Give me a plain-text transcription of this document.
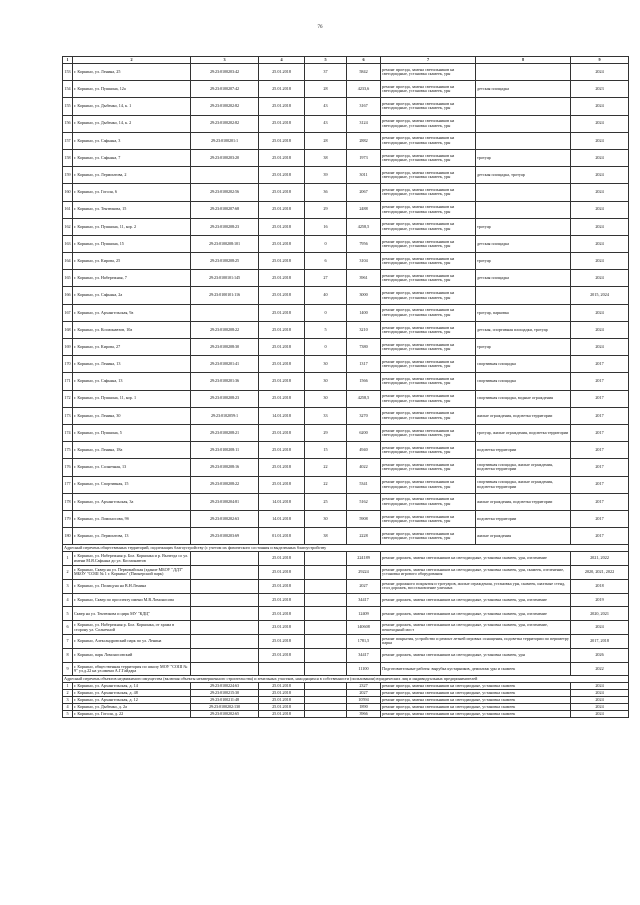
76
1	2	3	4	5	6	7	8	9
153	г. Коркино, ул. Ленина, 25	29:23:0100203:42	25.01.2018	37	5842	ремонт проезда, замена светильников на светодиодные, установка скамеек, урн		2024
154	г. Коркино, ул. Пушкина, 12а	29:23:0100207:42	25.01.2018	28	4233,6	ремонт проезда, замена светильников на светодиодные, установка скамеек, урн	детская площадка	2023
155	г. Коркино, ул. Дыбенко, 14, к. 1	29:23:0100202:82	25.01.2018	43	3167	ремонт проезда, замена светильников на светодиодные, установка скамеек, урн		2024
156	г. Коркино, ул. Дыбенко, 14, к. 2	29:23:0100202:82	25.01.2018	43	3124	ремонт проезда, замена светильников на светодиодные, установка скамеек, урн		2024
157	г. Коркино, ул. Сафьяна, 3	29:23:0100201:1	25.01.2018	28	2882	ремонт проезда, замена светильников на светодиодные, установка скамеек, урн		2024
158	г. Коркино, ул. Сафьяна, 7	29:23:0100203:20	25.01.2018	38	1973	ремонт проезда, замена светильников на светодиодные, установка скамеек, урн	тротуар	2024
159	г. Коркино, ул. Лермонтова, 2		25.01.2018	39	3011	ремонт проезда, замена светильников на светодиодные, установка скамеек, урн	детская площадка, тротуар	2024
160	г. Коркино, ул. Гоголя, 6	29:23:0100202:56	25.01.2018	36	2067	ремонт проезда, замена светильников на светодиодные, установка скамеек, урн		2024
161	г. Коркино, ул. Тентюкова, 15	29:23:0100207:68	25.01.2018	29	2488	ремонт проезда, замена светильников на светодиодные, установка скамеек, урн		2024
162	г. Коркино, ул. Пушкина, 11, кор. 2	29:23:0100208:23	25.01.2018	16	4258,5	ремонт проезда, замена светильников на светодиодные, установка скамеек, урн	тротуар	2024
163	г. Коркино, ул. Пушкина, 15	29:23:0100208:101	25.01.2018	0	7956	ремонт проезда, замена светильников на светодиодные, установка скамеек, урн	детская площадка	2024
164	г. Коркино, ул. Кирова, 25	29:23:0100208:25	25.01.2018	6	3104	ремонт проезда, замена светильников на светодиодные, установка скамеек, урн	тротуар	2024
165	г. Коркино, ул. Набережная, 7	29:23:0100101:145	25.01.2018	27	3961	ремонт проезда, замена светильников на светодиодные, установка скамеек, урн	детская площадка	2024
166	г. Коркино, ул. Сафьяна, 2а	29:23:0100101:116	25.01.2018	40	3000	ремонт проезда, замена светильников на светодиодные, установка скамеек, урн		2015, 2024
167	г. Коркино, ул. Архангельская, 9а		25.01.2018	0	1400	ремонт проезда, замена светильников на светодиодные, установка скамеек, урн	тротуар, парковка	2024
168	г. Коркино, ул. Космонавтов, 10а	29:23:0100208:22	25.01.2018	5	3210	ремонт проезда, замена светильников на светодиодные, установка скамеек, урн	детская, спортивная площадки, тротуар	2024
169	г. Коркино, ул. Кирова, 27	29:23:0100208:30	25.01.2018	0	7380	ремонт проезда, замена светильников на светодиодные, установка скамеек, урн	тротуар	2024
170	г. Коркино, ул. Ленина, 13	29:23:0100201:41	25.01.2018	30	1317	ремонт проезда, замена светильников на светодиодные, установка скамеек, урн	спортивная площадка	2017
171	г. Коркино, ул. Сафьяна, 13	29:23:0100201:36	25.01.2018	30	1566	ремонт проезда, замена светильников на светодиодные, установка скамеек, урн	спортивная площадка	2017
172	г. Коркино, ул. Пушкина, 11, кор. 1	29:23:0100208:23	25.01.2018	30	4258,5	ремонт проезда, замена светильников на светодиодные, установка скамеек, урн	спортивная площадка, водные ограждения	2017
173	г. Коркино, ул. Ленина, 30	29:23:0102059:1	14.01.2018	33	3270	ремонт проезда, замена светильников на светодиодные, установка скамеек, урн	жилые ограждения, подсветка территории	2017
174	г. Коркино, ул. Пушкина, 5	29:23:0100208:21	25.01.2018	29	6200	ремонт проезда, замена светильников на светодиодные, установка скамеек, урн	тротуар, жилые ограждения, подсветка территории	2017
175	г. Коркино, ул. Ленина, 18а	29:23:0100208:11	25.01.2018	15	4940	ремонт проезда, замена светильников на светодиодные, установка скамеек, урн	подсветка территории	2017
176	г. Коркино, ул. Солнечная, 13	29:23:0100208:16	25.01.2018	22	4022	ремонт проезда, замена светильников на светодиодные, установка скамеек, урн	спортивная площадка, жилые ограждения, подсветка территории	2017
177	г. Коркино, ул. Спортивная, 15	29:23:0100208:22	25.01.2018	22	5341	ремонт проезда, замена светильников на светодиодные, установка скамеек, урн	спортивная площадка, жилые ограждения, подсветка территории	2017
178	г. Коркино, ул. Архангельская, 3а	29:23:0100204:81	14.01.2018	25	5162	ремонт проезда, замена светильников на светодиодные, установка скамеек, урн	жилые ограждения, подсветка территории	2017
179	г. Коркино, ул. Ломоносова, 9б	29:23:0100202:63	14.01.2018	30	5908	ремонт проезда, замена светильников на светодиодные, установка скамеек, урн	подсветка территории	2017
180	г. Коркино, ул. Лермонтова, 13	29:23:0100203:69	01.01.2018	38	2228	ремонт проезда, замена светильников на светодиодные, установка скамеек, урн	жилые ограждения	2017
Адресный перечень общественных территорий, подлежащих благоустройству (с учетом их физического состояния и выделенных благоустройству								
1	г. Коркино, ул. Набережная р. Бол. Коркинка и р. Вычегда со ул. имени М.Я.Сафьяна до ул. Космонавтов		25.01.2018		224189	ремонт дорожек, замена светильников на светодиодные, установка скамеек, урн, озеленение		2021, 2022
2	г. Коркино, Сквер на ул. Первомайская (здание МБОУ "ДДТ" МБОУ "СОШ № 1 г. Коркино" (Пионерский парк)		25.01.2018		29224	ремонт дорожек, замена светильников на светодиодные, установка скамеек, урн, скамеек, озеленение, установка игрового оборудования		2020, 2021, 2022
3	г. Коркино, ул. Полицуна на В.Н.Ленина		25.01.2018		2027	ремонт дорожного покрытия и тротуаров, жилые ограждения, установка урн, скамеек, шахтные стенд, стол дорожек, восстановление уличных		2018
4	г. Коркино, Сквер по проспекту имени М.В.Ломоносова		25.01.2018		34417	ремонт дорожек, замена светильников на светодиодные, установка скамеек, урн, озеленение		2019
5	Сквер на ул. Тентюкова и цирк МУ "КДЦ"		25.01.2018		12409	ремонт дорожек, замена светильников на светодиодные, установка скамеек, урн, озеленение		2020, 2021
6	г. Коркино, ул. Набережная р. Бол. Коркинка, от храма в сторону ул. Солнечной		23.01.2018		140608	ремонт дорожек, замена светильников на светодиодные, установка скамеек, урн, озеленение, пешеходный мост		2024
7	г. Коркино, Александровский парк по ул. Ленина		25.01.2018		1781,5	ремонт покрытия, устройство и ремонт летней игровых оснащения, подсветка территории по периметру парка		2017, 2018
8	г. Коркино, парк Ломоносовский		25.01.2018		34417	ремонт дорожек, замена светильников на светодиодные, установка скамеек, урн		2026
9	г. Коркино, общественная территория по школу МОУ "СОШ № 9" ул.д.22 на ул.имени А.Г.Гайдара				11100	Подготовительные работы: вырубка кустарников, демонтаж урн и скамеек		2022
Адресный перечень объектов недвижимого имущества (включая объекты незавершенного строительства) и земельных участков, находящихся в собственности (пользовании) юридических лиц и индивидуальных предпринимателей								
1	г. Коркино, ул. Архангельская, д. 14	29:23:0100224:63	25.01.2018		2327	ремонт проезда, замена светильников на светодиодные, установка скамеек		2024
2	г. Коркино, ул. Архангельская, д. 48	29:23:0100215:30	25.01.2018		2027	ремонт проезда, замена светильников на светодиодные, установка скамеек		2024
3	г. Коркино, ул. Архангельская, д. 12	29:23:0100211:48	25.01.2018		10594	ремонт проезда, замена светильников на светодиодные, установка скамеек		2024
4	г. Коркино, ул. Дыбенко, д. 2а	29:23:0100202:130	25.01.2018		1890	ремонт проезда, замена светильников на светодиодные, установка скамеек		2024
5	г. Коркино, ул. Гоголя, д. 22	29:23:0100202:65	25.01.2018		3966	ремонт проезда, замена светильников на светодиодные, установка скамеек		2024
